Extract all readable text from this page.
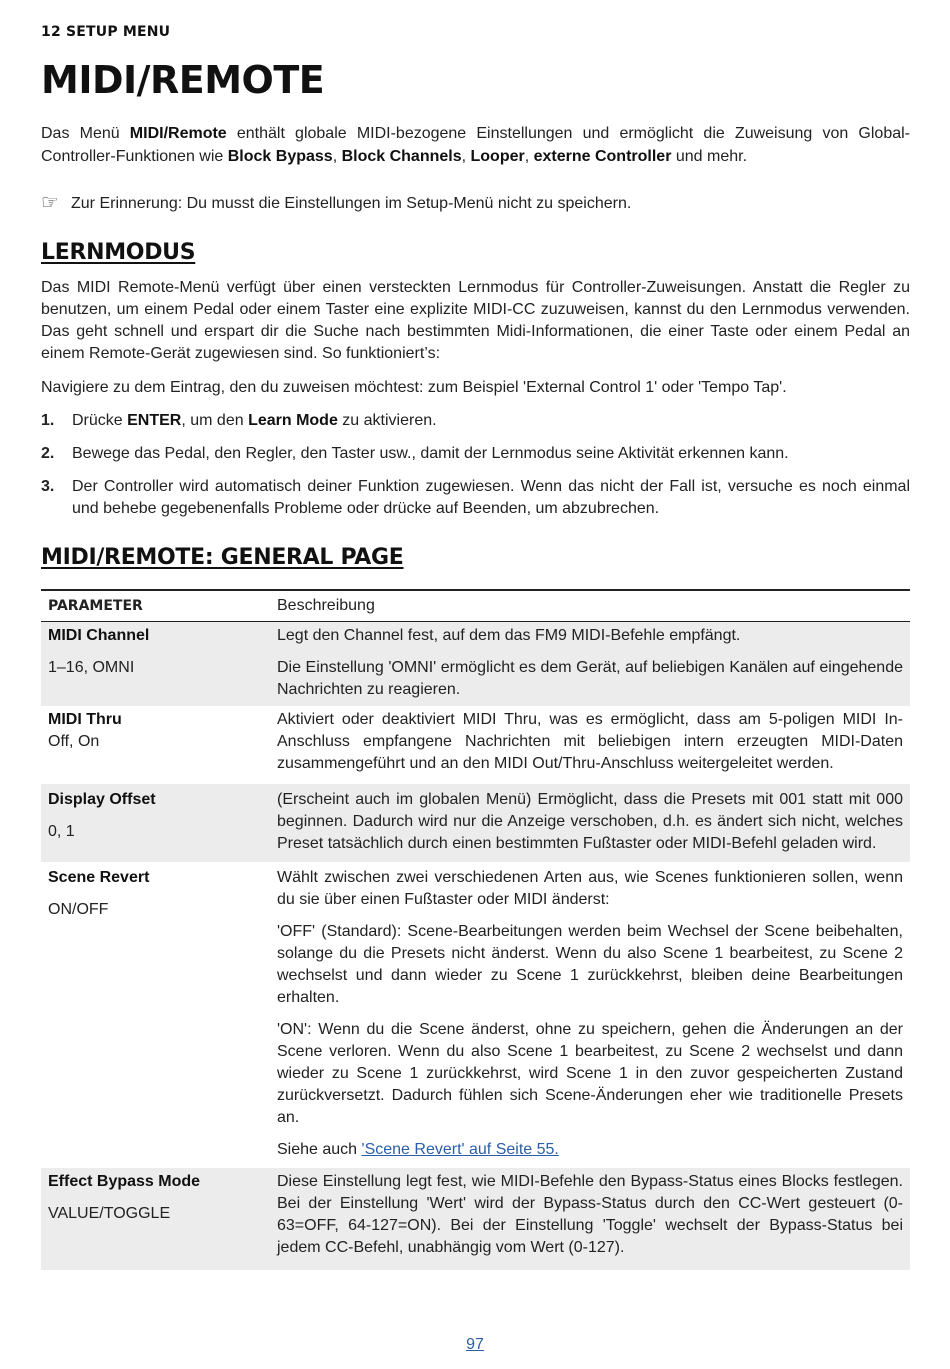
12 SETUP MENU
MIDI/REMOTE

Das Menü MIDI/Remote enthält globale MIDI-bezogene Einstellungen und ermöglicht die Zuweisung von Global-Controller-Funktionen wie Block Bypass, Block Channels, Looper, externe Controller und mehr.

☞ Zur Erinnerung: Du musst die Einstellungen im Setup-Menü nicht zu speichern.

LERNMODUS

Das MIDI Remote-Menü verfügt über einen versteckten Lernmodus für Controller-Zuweisungen. Anstatt die Regler zu benutzen, um einem Pedal oder einem Taster eine explizite MIDI-CC zuzuweisen, kannst du den Lernmodus verwenden. Das geht schnell und erspart dir die Suche nach bestimmten Midi-Informationen, die einer Taste oder einem Pedal an einem Remote-Gerät zugewiesen sind. So funktioniert’s:

Navigiere zu dem Eintrag, den du zuweisen möchtest: zum Beispiel 'External Control 1' oder 'Tempo Tap'.

1. Drücke ENTER, um den Learn Mode zu aktivieren.
2. Bewege das Pedal, den Regler, den Taster usw., damit der Lernmodus seine Aktivität erkennen kann.
3. Der Controller wird automatisch deiner Funktion zugewiesen. Wenn das nicht der Fall ist, versuche es noch einmal und behebe gegebenenfalls Probleme oder drücke auf Beenden, um abzubrechen.
MIDI/REMOTE: GENERAL PAGE
PARAMETER	Beschreibung
MIDI Channel
1–16, OMNI

Legt den Channel fest, auf dem das FM9 MIDI-Befehle empfängt.

Die Einstellung 'OMNI' ermöglicht es dem Gerät, auf beliebigen Kanälen auf eingehende Nachrichten zu reagieren.

MIDI Thru
Off, On

Aktiviert oder deaktiviert MIDI Thru, was es ermöglicht, dass am 5-poligen MIDI In-Anschluss empfangene Nachrichten mit beliebigen intern erzeugten MIDI-Daten zusammengeführt und an den MIDI Out/Thru-Anschluss weitergeleitet werden.

Display Offset
0, 1

(Erscheint auch im globalen Menü) Ermöglicht, dass die Presets mit 001 statt mit 000 beginnen. Dadurch wird nur die Anzeige verschoben, d.h. es ändert sich nicht, welches Preset tatsächlich durch einen bestimmten Fußtaster oder MIDI-Befehl geladen wird.

Scene Revert
ON/OFF

Wählt zwischen zwei verschiedenen Arten aus, wie Scenes funktionieren sollen, wenn du sie über einen Fußtaster oder MIDI änderst:

'OFF' (Standard): Scene-Bearbeitungen werden beim Wechsel der Scene beibehalten, solange du die Presets nicht änderst. Wenn du also Scene 1 bearbeitest, zu Scene 2 wechselst und dann wieder zu Scene 1 zurückkehrst, bleiben deine Bearbeitungen erhalten.

'ON': Wenn du die Scene änderst, ohne zu speichern, gehen die Änderungen an der Scene verloren. Wenn du also Scene 1 bearbeitest, zu Scene 2 wechselst und dann wieder zu Scene 1 zurückkehrst, wird Scene 1 in den zuvor gespeicherten Zustand zurückversetzt. Dadurch fühlen sich Scene-Änderungen eher wie traditionelle Presets an.

Siehe auch 'Scene Revert' auf Seite 55.

Effect Bypass Mode
VALUE/TOGGLE

Diese Einstellung legt fest, wie MIDI-Befehle den Bypass-Status eines Blocks festlegen. Bei der Einstellung 'Wert' wird der Bypass-Status durch den CC-Wert gesteuert (0-63=OFF, 64-127=ON). Bei der Einstellung 'Toggle' wechselt der Bypass-Status bei jedem CC-Befehl, unabhängig vom Wert (0-127).

97
